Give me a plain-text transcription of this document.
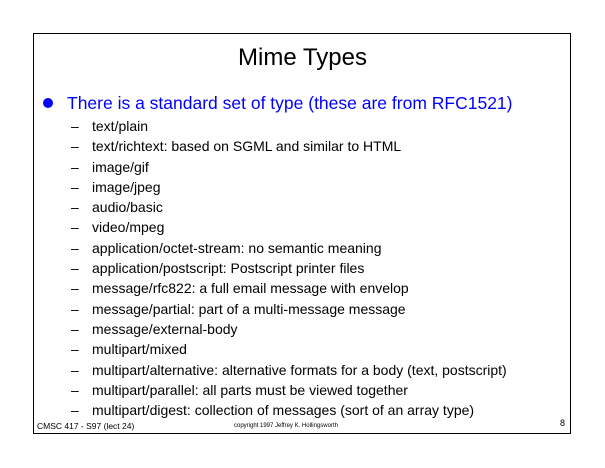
Mime Types
There is a standard set of type (these are from RFC1521)
– text/plain
– text/richtext: based on SGML and similar to HTML
– image/gif
– image/jpeg
– audio/basic
– video/mpeg
– application/octet-stream: no semantic meaning
– application/postscript: Postscript printer files
– message/rfc822: a full email message with envelop
– message/partial: part of a multi-message message
– message/external-body
– multipart/mixed
– multipart/alternative: alternative formats for a body (text, postscript)
– multipart/parallel: all parts must be viewed together
– multipart/digest: collection of messages (sort of an array type)
CMSC 417 - S97 (lect 24)	copyright 1997 Jeffrey K. Hollingsworth	8
